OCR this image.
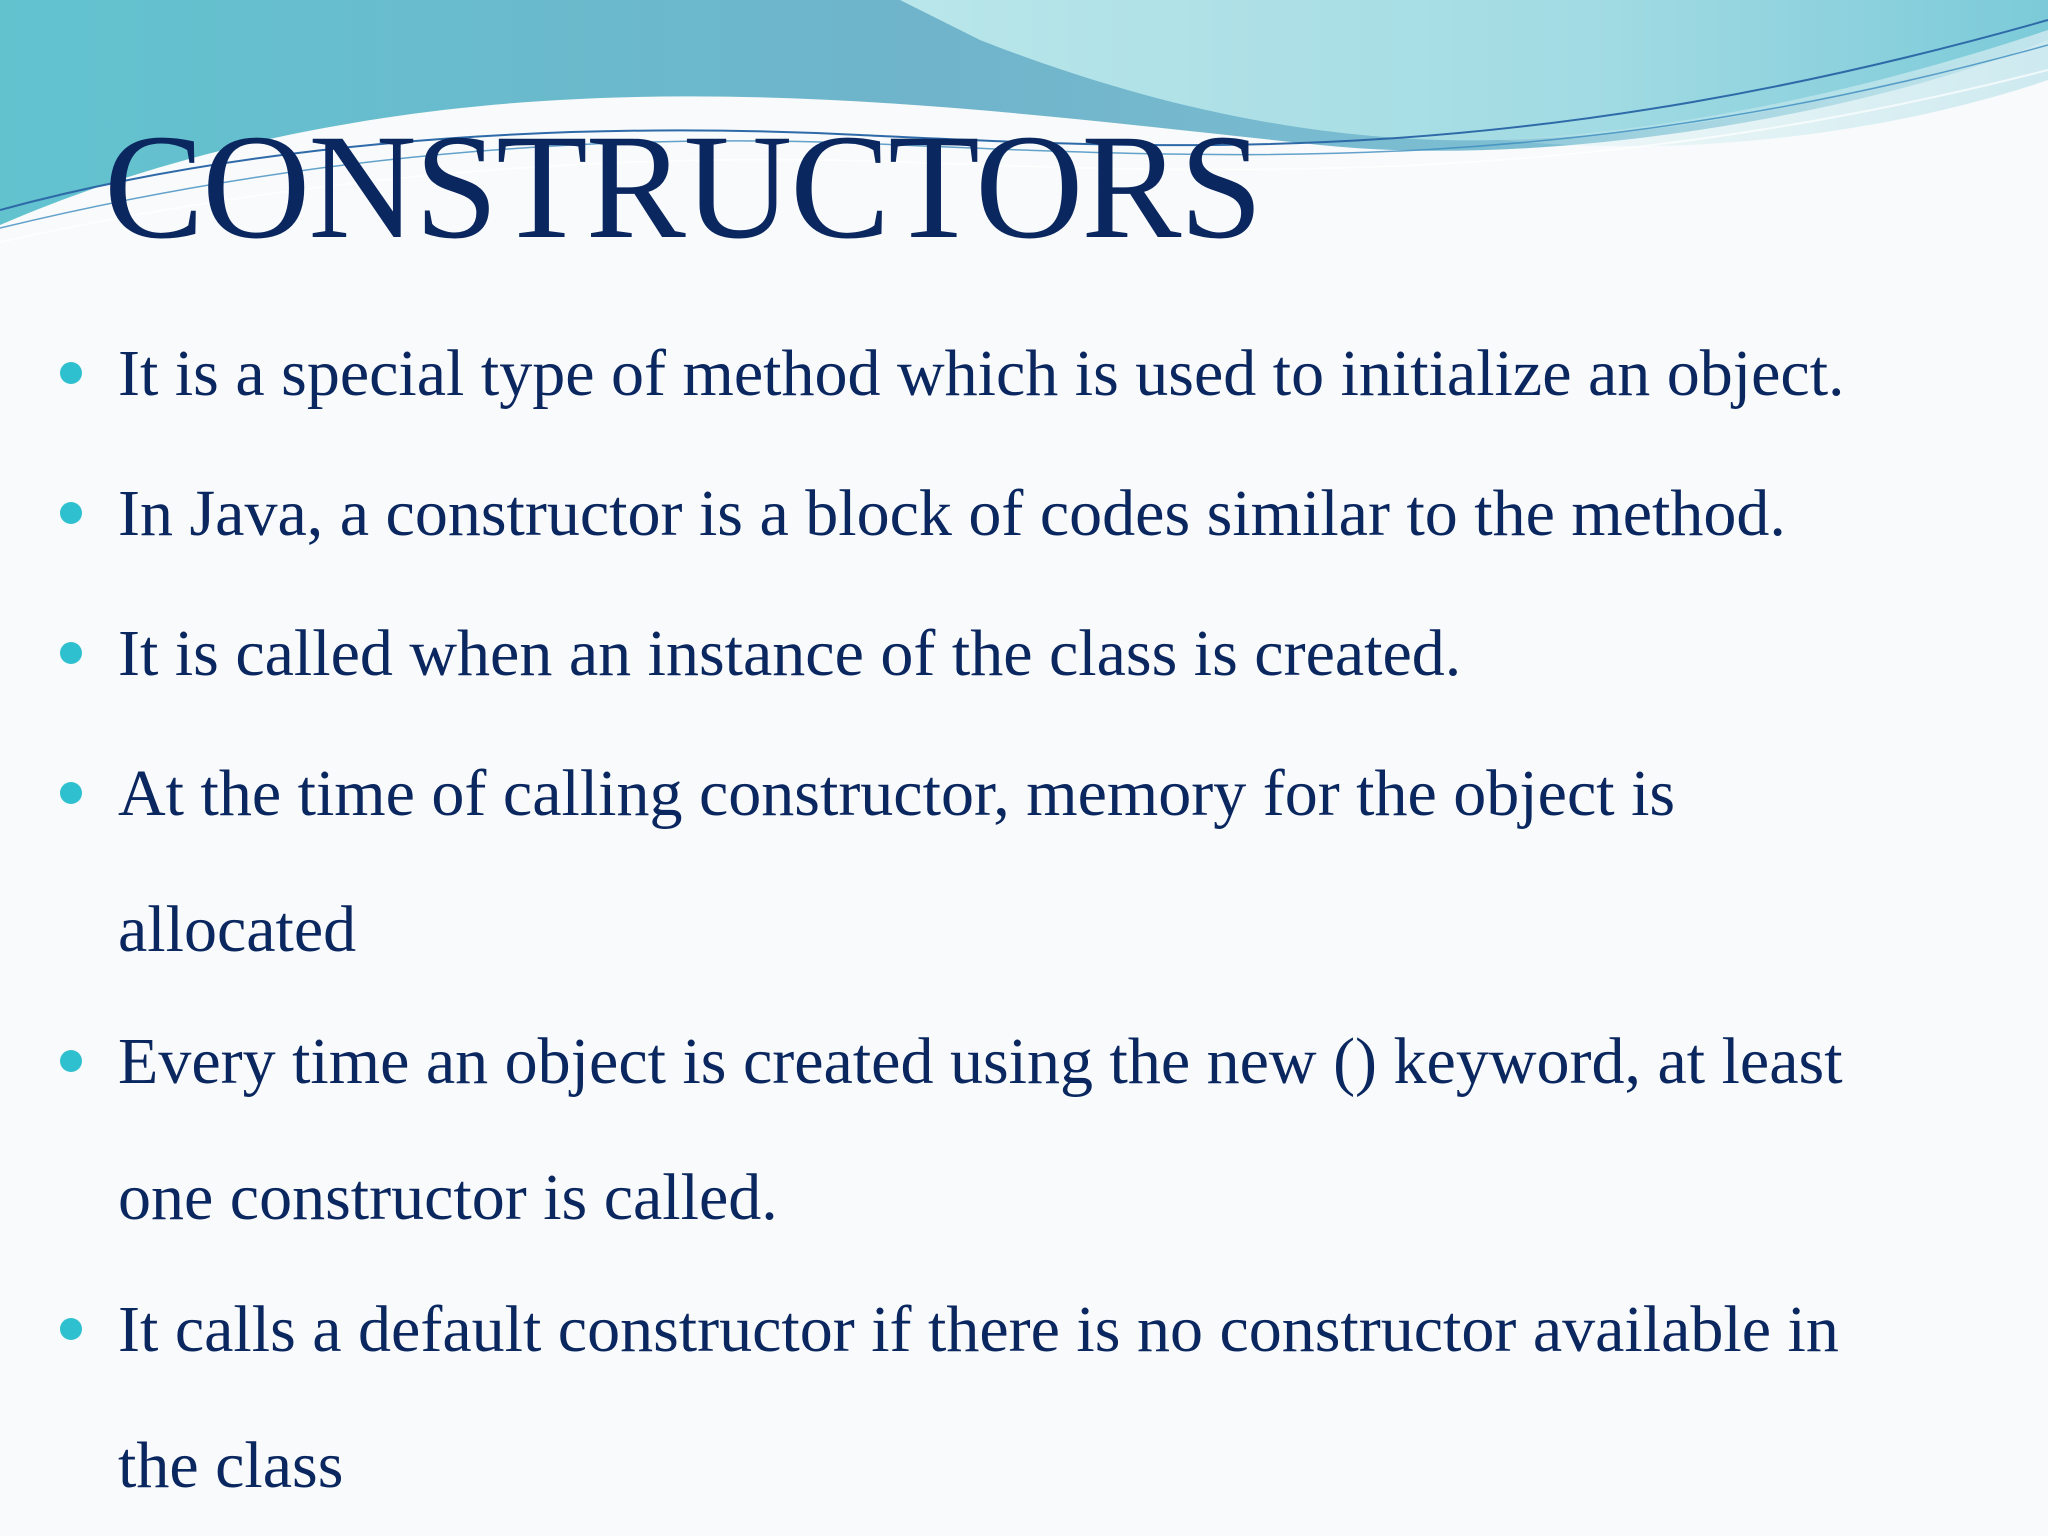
CONSTRUCTORS
It is a special type of method which is used to initialize an object.
In Java, a constructor is a block of codes similar to the method.
It is called when an instance of the class is created.
At the time of calling constructor, memory for the object is
allocated
Every time an object is created using the new () keyword, at least
one constructor is called.
It calls a default constructor if there is no constructor available in
the class
